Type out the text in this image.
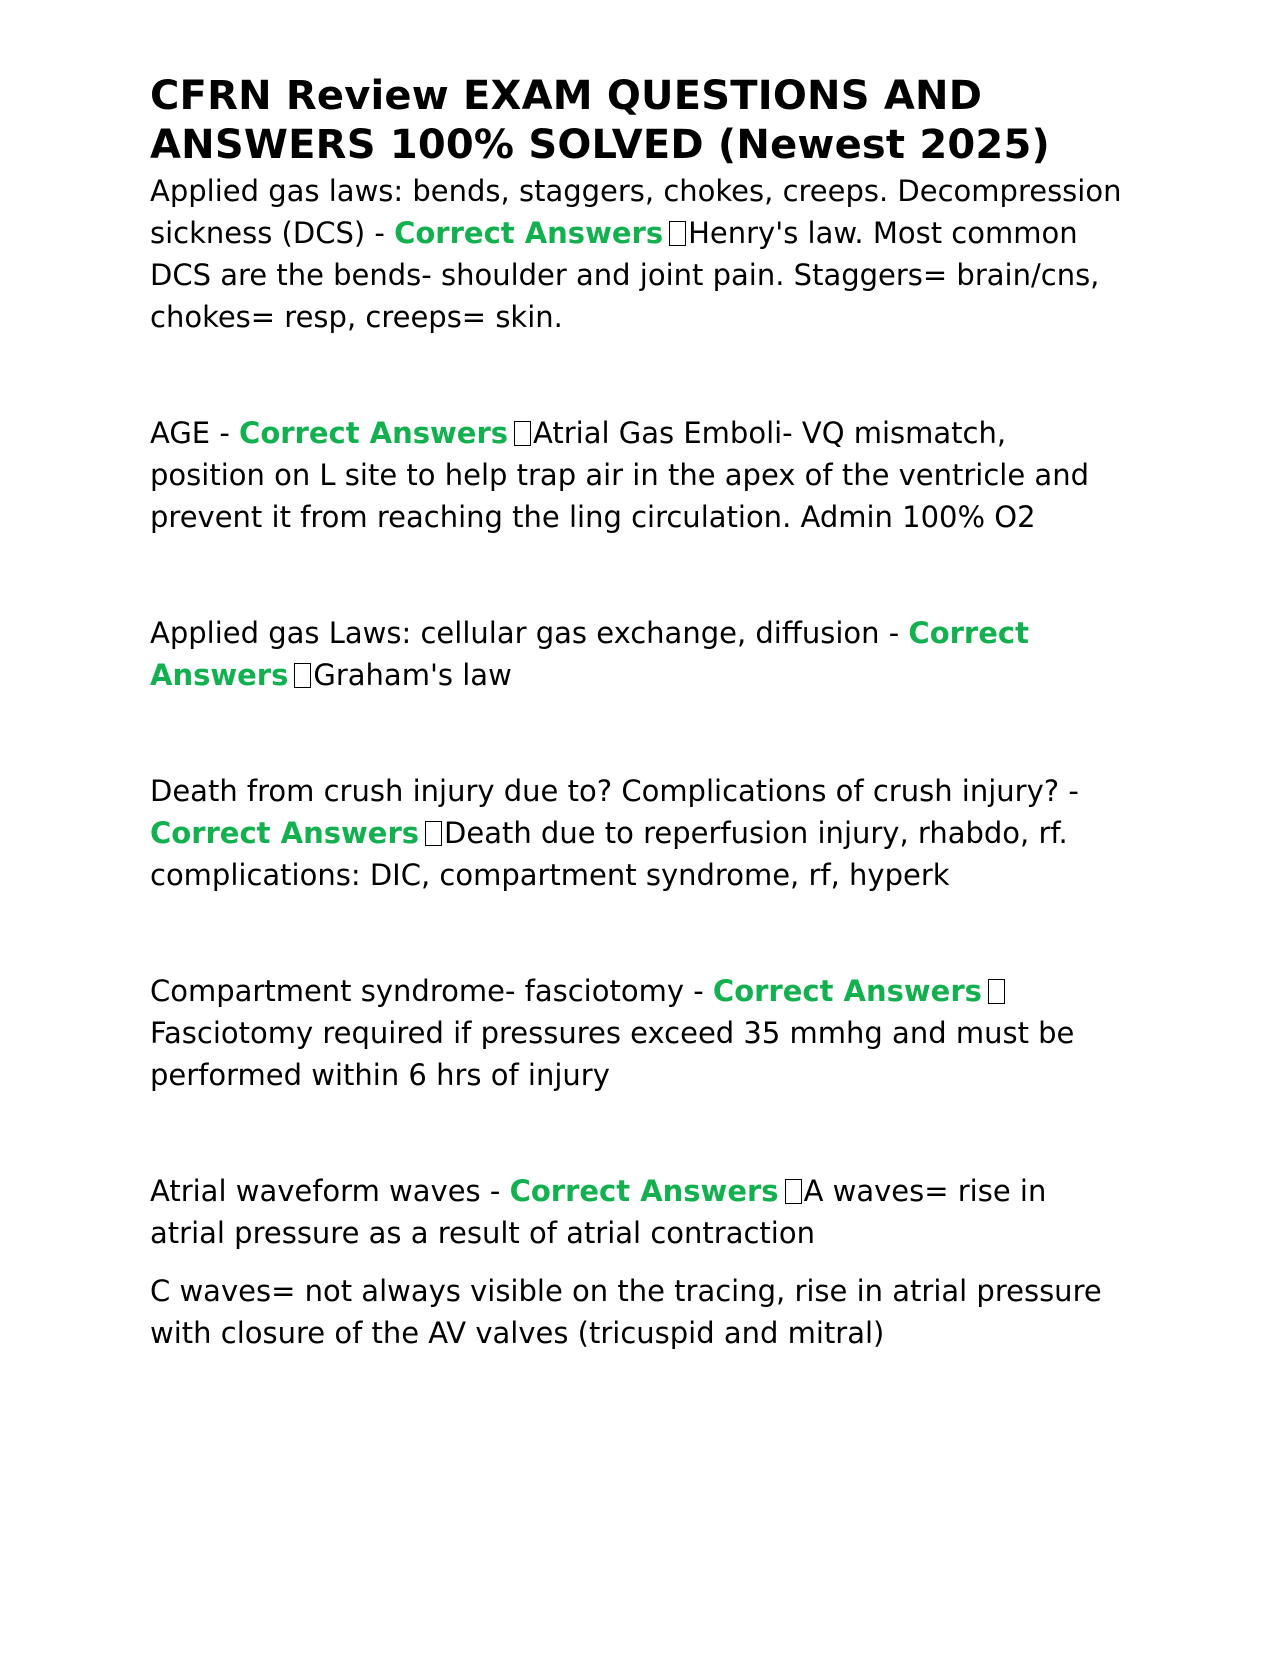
CFRN Review EXAM QUESTIONS AND ANSWERS 100% SOLVED (Newest 2025)

Applied gas laws: bends, staggers, chokes, creeps. Decompression sickness (DCS) - Correct Answers Henry's law. Most common DCS are the bends- shoulder and joint pain. Staggers= brain/cns, chokes= resp, creeps= skin.

AGE - Correct Answers Atrial Gas Emboli- VQ mismatch, position on L site to help trap air in the apex of the ventricle and prevent it from reaching the ling circulation. Admin 100% O2

Applied gas Laws: cellular gas exchange, diffusion - Correct Answers Graham's law

Death from crush injury due to? Complications of crush injury? - Correct Answers Death due to reperfusion injury, rhabdo, rf. complications: DIC, compartment syndrome, rf, hyperk

Compartment syndrome- fasciotomy - Correct AnswersFasciotomy required if pressures exceed 35 mmhg and must be performed within 6 hrs of injury

Atrial waveform waves - Correct Answers A waves= rise in atrial pressure as a result of atrial contraction

C waves= not always visible on the tracing, rise in atrial pressure with closure of the AV valves (tricuspid and mitral)
